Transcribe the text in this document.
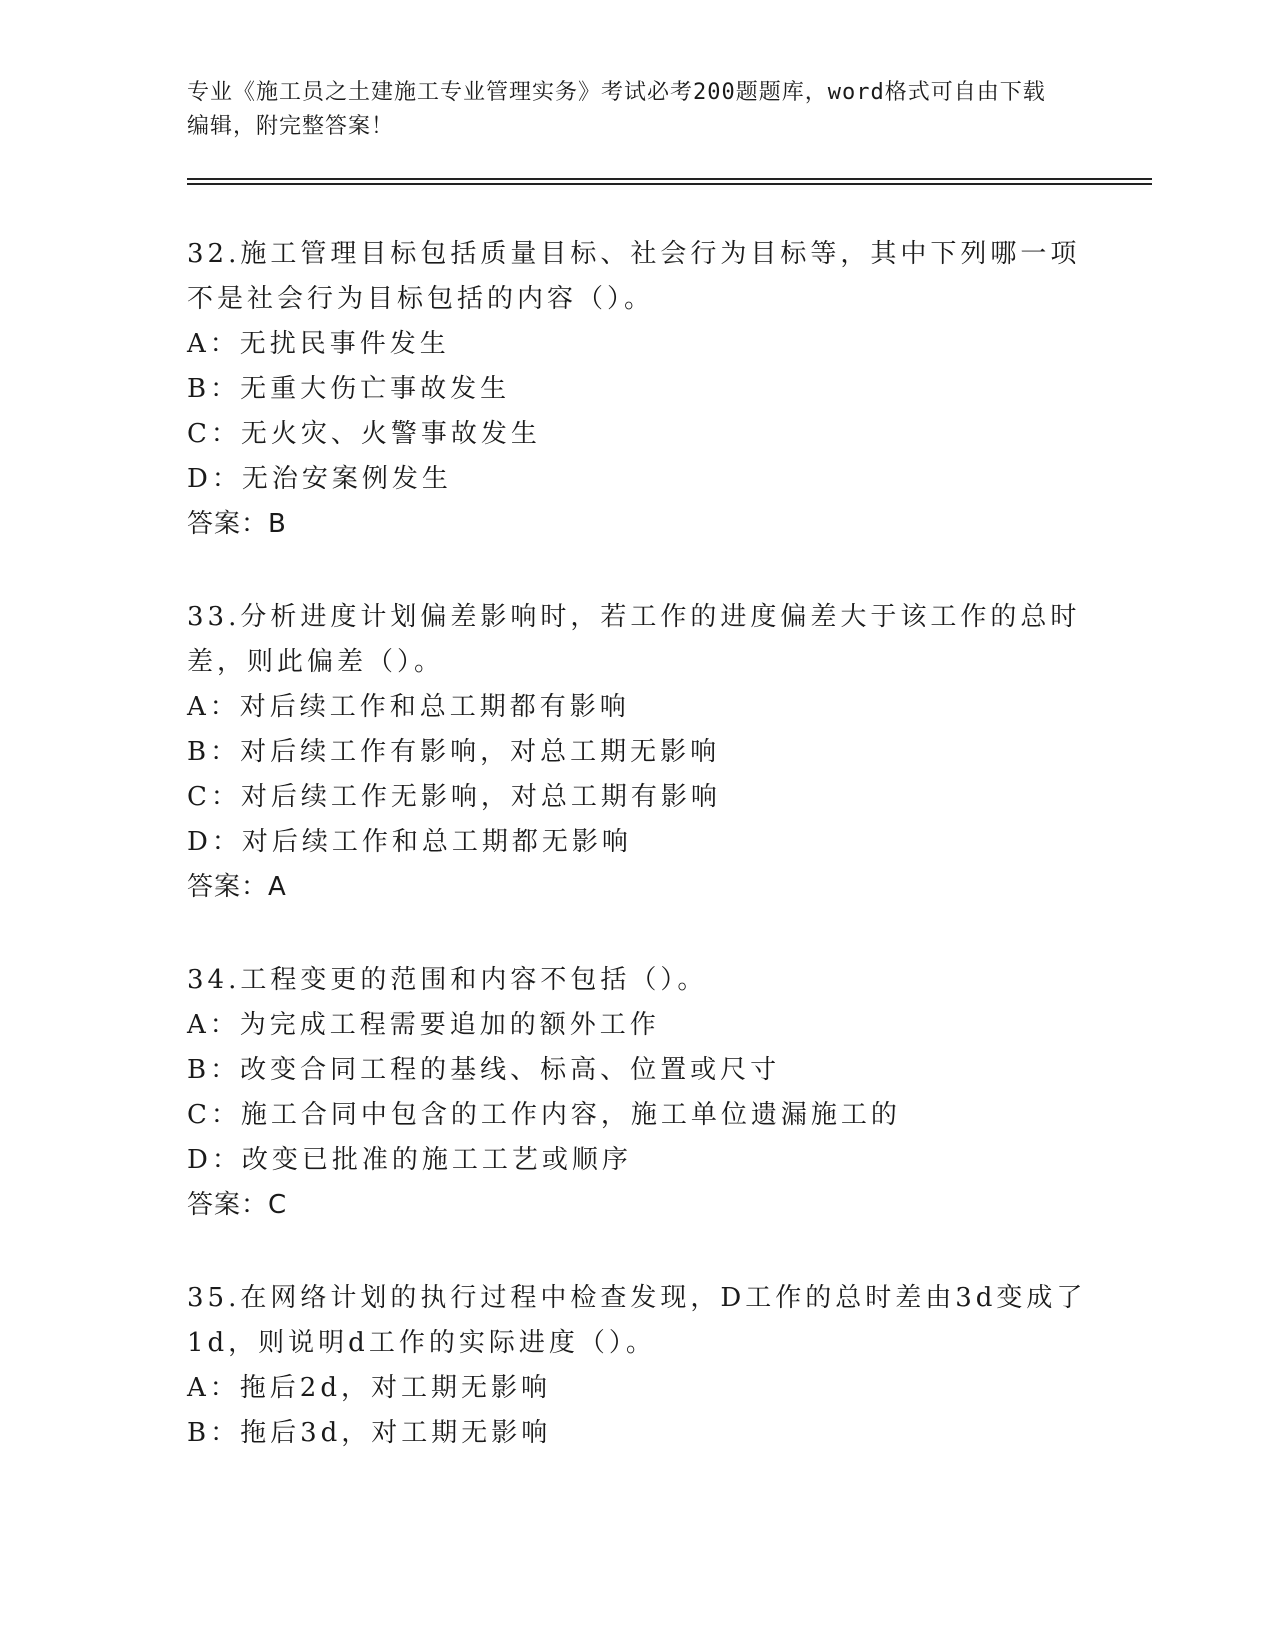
专业《施工员之土建施工专业管理实务》考试必考200题题库，word格式可自由下载编辑，附完整答案！

32.施工管理目标包括质量目标、社会行为目标等，其中下列哪一项不是社会行为目标包括的内容（）。

A：无扰民事件发生

B：无重大伤亡事故发生

C：无火灾、火警事故发生

D：无治安案例发生

答案：B

33.分析进度计划偏差影响时，若工作的进度偏差大于该工作的总时差，则此偏差（）。

A：对后续工作和总工期都有影响

B：对后续工作有影响，对总工期无影响

C：对后续工作无影响，对总工期有影响

D：对后续工作和总工期都无影响

答案：A

34.工程变更的范围和内容不包括（）。

A：为完成工程需要追加的额外工作

B：改变合同工程的基线、标高、位置或尺寸

C：施工合同中包含的工作内容，施工单位遗漏施工的

D：改变已批准的施工工艺或顺序

答案：C

35.在网络计划的执行过程中检查发现，D工作的总时差由3d变成了1d，则说明d工作的实际进度（）。

A：拖后2d，对工期无影响

B：拖后3d，对工期无影响
